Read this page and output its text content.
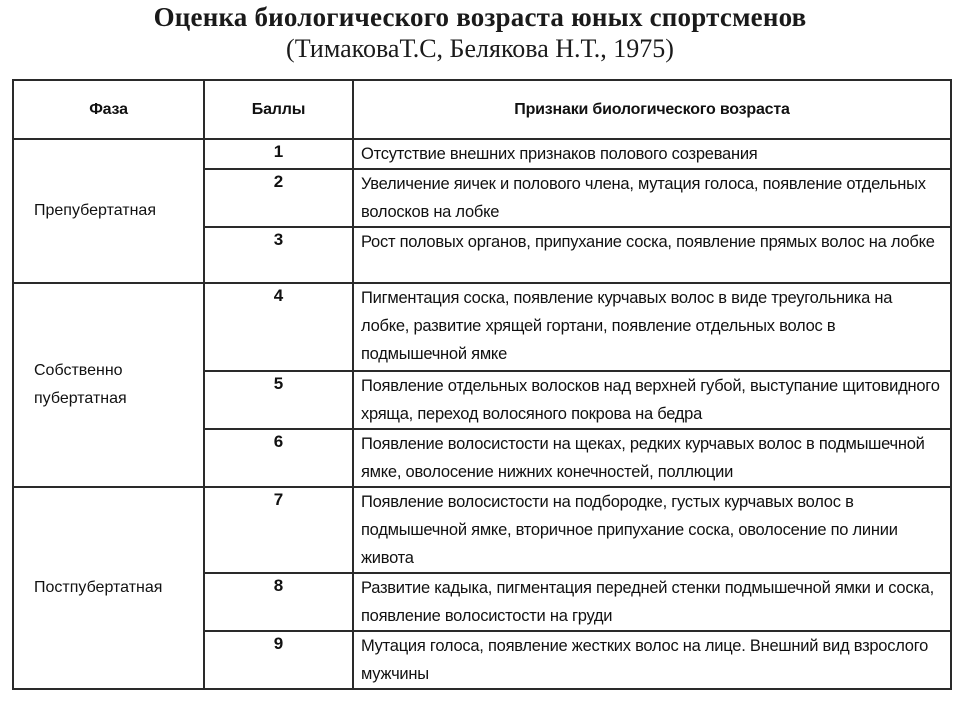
Оценка биологического возраста юных спортсменов
(ТимаковаТ.С, Белякова Н.Т., 1975)
Фаза	Баллы	Признаки биологического возраста

Препубертатная	1	Отсутствие внешних признаков полового созревания
	2	Увеличение яичек и полового члена, мутация голоса, появление отдельных волосков на лобке
	3	Рост половых органов, припухание соска, появление прямых волос на лобке

Собственно пубертатная	4	Пигментация соска, появление курчавых волос в виде треугольника на лобке, развитие хрящей гортани, появление отдельных волос в подмышечной ямке
	5	Появление отдельных волосков над верхней губой, выступание щитовидного хряща, переход волосяного покрова на бедра
	6	Появление волосистости на щеках, редких курчавых волос в подмышечной ямке, оволосение нижних конечностей, поллюции

Постпубертатная	7	Появление волосистости на подбородке, густых курчавых волос в подмышечной ямке, вторичное припухание соска, оволосение по линии живота
	8	Развитие кадыка, пигментация передней стенки подмышечной ямки и соска, появление волосистости на груди
	9	Мутация голоса, появление жестких волос на лице. Внешний вид взрослого мужчины
